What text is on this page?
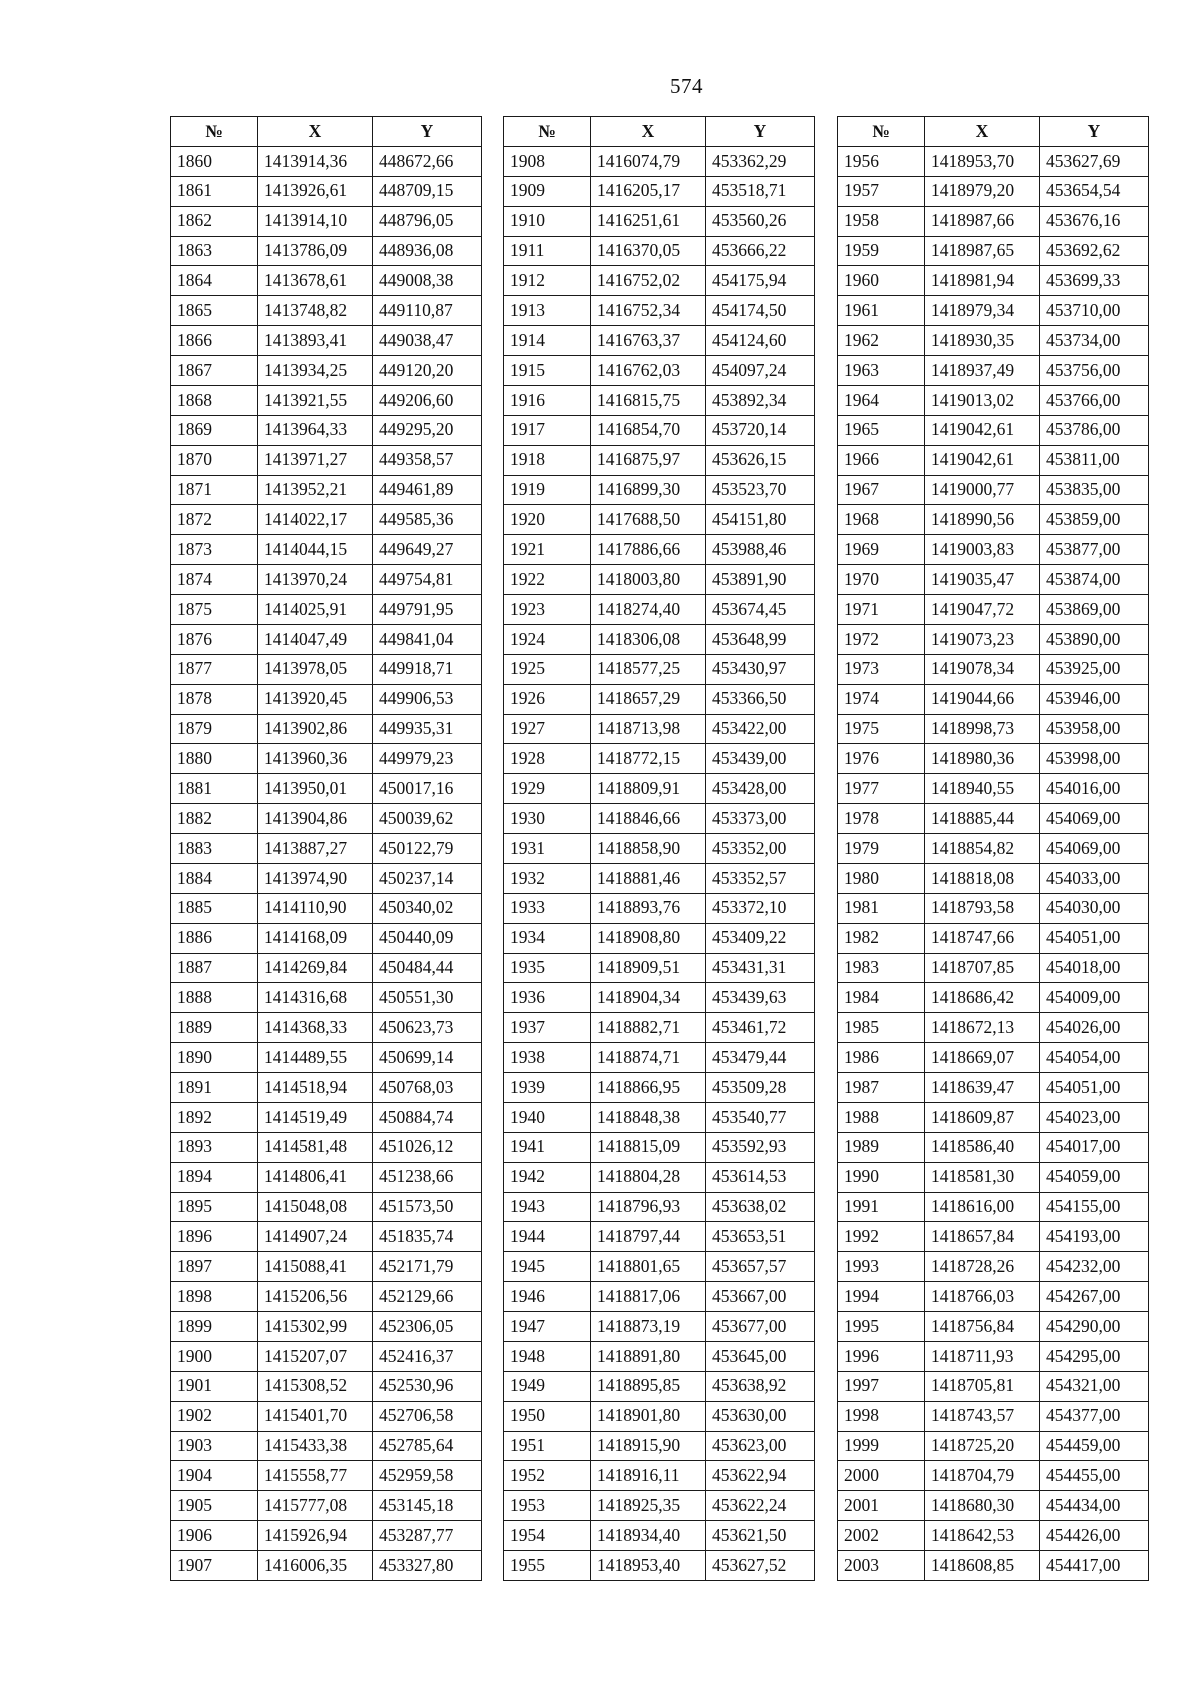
574
№	X	Y
1860	1413914,36	448672,66
1861	1413926,61	448709,15
1862	1413914,10	448796,05
1863	1413786,09	448936,08
1864	1413678,61	449008,38
1865	1413748,82	449110,87
1866	1413893,41	449038,47
1867	1413934,25	449120,20
1868	1413921,55	449206,60
1869	1413964,33	449295,20
1870	1413971,27	449358,57
1871	1413952,21	449461,89
1872	1414022,17	449585,36
1873	1414044,15	449649,27
1874	1413970,24	449754,81
1875	1414025,91	449791,95
1876	1414047,49	449841,04
1877	1413978,05	449918,71
1878	1413920,45	449906,53
1879	1413902,86	449935,31
1880	1413960,36	449979,23
1881	1413950,01	450017,16
1882	1413904,86	450039,62
1883	1413887,27	450122,79
1884	1413974,90	450237,14
1885	1414110,90	450340,02
1886	1414168,09	450440,09
1887	1414269,84	450484,44
1888	1414316,68	450551,30
1889	1414368,33	450623,73
1890	1414489,55	450699,14
1891	1414518,94	450768,03
1892	1414519,49	450884,74
1893	1414581,48	451026,12
1894	1414806,41	451238,66
1895	1415048,08	451573,50
1896	1414907,24	451835,74
1897	1415088,41	452171,79
1898	1415206,56	452129,66
1899	1415302,99	452306,05
1900	1415207,07	452416,37
1901	1415308,52	452530,96
1902	1415401,70	452706,58
1903	1415433,38	452785,64
1904	1415558,77	452959,58
1905	1415777,08	453145,18
1906	1415926,94	453287,77
1907	1416006,35	453327,80
№	X	Y
1908	1416074,79	453362,29
1909	1416205,17	453518,71
1910	1416251,61	453560,26
1911	1416370,05	453666,22
1912	1416752,02	454175,94
1913	1416752,34	454174,50
1914	1416763,37	454124,60
1915	1416762,03	454097,24
1916	1416815,75	453892,34
1917	1416854,70	453720,14
1918	1416875,97	453626,15
1919	1416899,30	453523,70
1920	1417688,50	454151,80
1921	1417886,66	453988,46
1922	1418003,80	453891,90
1923	1418274,40	453674,45
1924	1418306,08	453648,99
1925	1418577,25	453430,97
1926	1418657,29	453366,50
1927	1418713,98	453422,00
1928	1418772,15	453439,00
1929	1418809,91	453428,00
1930	1418846,66	453373,00
1931	1418858,90	453352,00
1932	1418881,46	453352,57
1933	1418893,76	453372,10
1934	1418908,80	453409,22
1935	1418909,51	453431,31
1936	1418904,34	453439,63
1937	1418882,71	453461,72
1938	1418874,71	453479,44
1939	1418866,95	453509,28
1940	1418848,38	453540,77
1941	1418815,09	453592,93
1942	1418804,28	453614,53
1943	1418796,93	453638,02
1944	1418797,44	453653,51
1945	1418801,65	453657,57
1946	1418817,06	453667,00
1947	1418873,19	453677,00
1948	1418891,80	453645,00
1949	1418895,85	453638,92
1950	1418901,80	453630,00
1951	1418915,90	453623,00
1952	1418916,11	453622,94
1953	1418925,35	453622,24
1954	1418934,40	453621,50
1955	1418953,40	453627,52
№	X	Y
1956	1418953,70	453627,69
1957	1418979,20	453654,54
1958	1418987,66	453676,16
1959	1418987,65	453692,62
1960	1418981,94	453699,33
1961	1418979,34	453710,00
1962	1418930,35	453734,00
1963	1418937,49	453756,00
1964	1419013,02	453766,00
1965	1419042,61	453786,00
1966	1419042,61	453811,00
1967	1419000,77	453835,00
1968	1418990,56	453859,00
1969	1419003,83	453877,00
1970	1419035,47	453874,00
1971	1419047,72	453869,00
1972	1419073,23	453890,00
1973	1419078,34	453925,00
1974	1419044,66	453946,00
1975	1418998,73	453958,00
1976	1418980,36	453998,00
1977	1418940,55	454016,00
1978	1418885,44	454069,00
1979	1418854,82	454069,00
1980	1418818,08	454033,00
1981	1418793,58	454030,00
1982	1418747,66	454051,00
1983	1418707,85	454018,00
1984	1418686,42	454009,00
1985	1418672,13	454026,00
1986	1418669,07	454054,00
1987	1418639,47	454051,00
1988	1418609,87	454023,00
1989	1418586,40	454017,00
1990	1418581,30	454059,00
1991	1418616,00	454155,00
1992	1418657,84	454193,00
1993	1418728,26	454232,00
1994	1418766,03	454267,00
1995	1418756,84	454290,00
1996	1418711,93	454295,00
1997	1418705,81	454321,00
1998	1418743,57	454377,00
1999	1418725,20	454459,00
2000	1418704,79	454455,00
2001	1418680,30	454434,00
2002	1418642,53	454426,00
2003	1418608,85	454417,00
